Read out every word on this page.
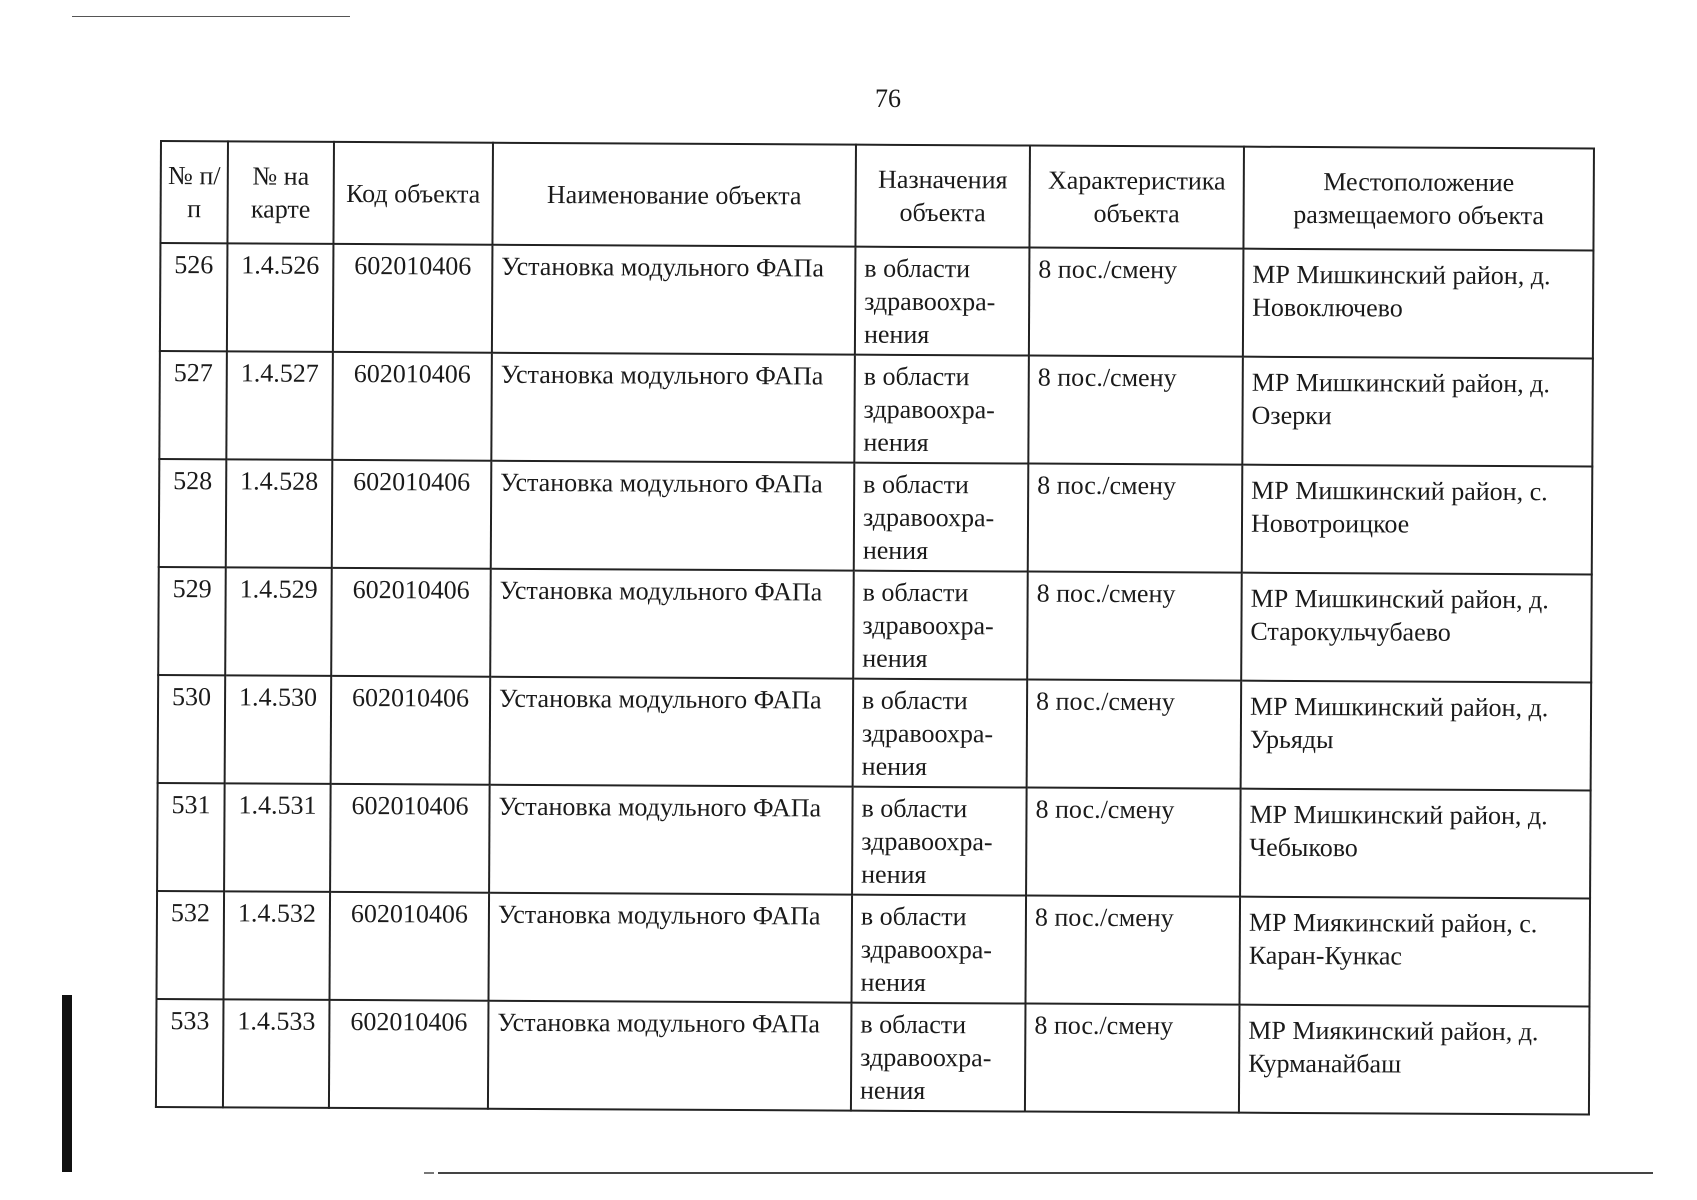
76
№ п/п	№ на карте	Код объекта	Наименование объекта	Назначения объекта	Характеристика объекта	Местоположение размещаемого объекта
526	1.4.526	602010406	Установка модульного ФАПа	в области здравоохра-нения	8 пос./смену	МР Мишкинский район, д. Новоключево
527	1.4.527	602010406	Установка модульного ФАПа	в области здравоохра-нения	8 пос./смену	МР Мишкинский район, д. Озерки
528	1.4.528	602010406	Установка модульного ФАПа	в области здравоохра-нения	8 пос./смену	МР Мишкинский район, с. Новотроицкое
529	1.4.529	602010406	Установка модульного ФАПа	в области здравоохра-нения	8 пос./смену	МР Мишкинский район, д. Старокульчубаево
530	1.4.530	602010406	Установка модульного ФАПа	в области здравоохра-нения	8 пос./смену	МР Мишкинский район, д. Урьяды
531	1.4.531	602010406	Установка модульного ФАПа	в области здравоохра-нения	8 пос./смену	МР Мишкинский район, д. Чебыково
532	1.4.532	602010406	Установка модульного ФАПа	в области здравоохра-нения	8 пос./смену	МР Миякинский район, с. Каран-Кункас
533	1.4.533	602010406	Установка модульного ФАПа	в области здравоохра-нения	8 пос./смену	МР Миякинский район, д. Курманайбаш
